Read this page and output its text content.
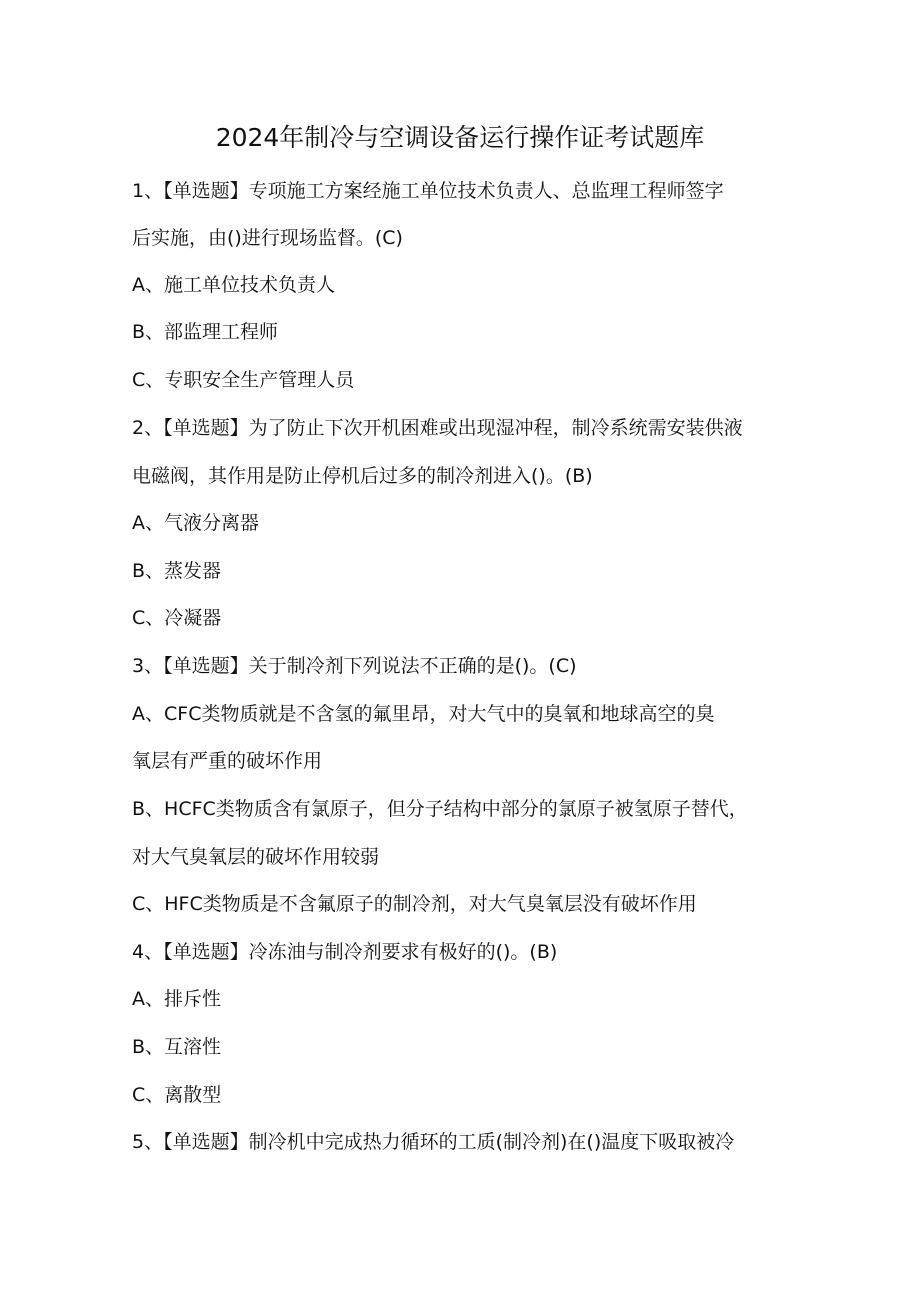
2024年制冷与空调设备运行操作证考试题库
1、【单选题】专项施工方案经施工单位技术负责人、总监理工程师签字
后实施，由()进行现场监督。(C)
A、施工单位技术负责人
B、部监理工程师
C、专职安全生产管理人员
2、【单选题】为了防止下次开机困难或出现湿冲程，制冷系统需安装供液
电磁阀，其作用是防止停机后过多的制冷剂进入()。(B)
A、气液分离器
B、蒸发器
C、冷凝器
3、【单选题】关于制冷剂下列说法不正确的是()。(C)
A、CFC类物质就是不含氢的氟里昂，对大气中的臭氧和地球高空的臭
氧层有严重的破坏作用
B、HCFC类物质含有氯原子，但分子结构中部分的氯原子被氢原子替代，
对大气臭氧层的破坏作用较弱
C、HFC类物质是不含氟原子的制冷剂，对大气臭氧层没有破坏作用
4、【单选题】冷冻油与制冷剂要求有极好的()。(B)
A、排斥性
B、互溶性
C、离散型
5、【单选题】制冷机中完成热力循环的工质(制冷剂)在()温度下吸取被冷
